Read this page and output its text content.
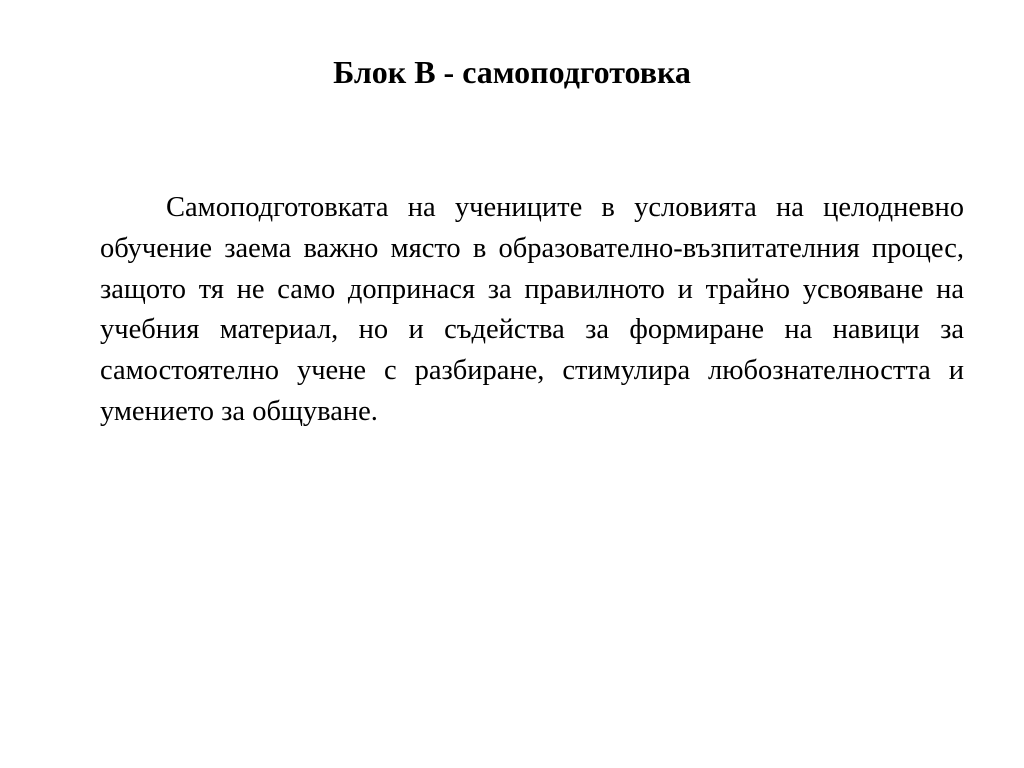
Блок В - самоподготовка

Самоподготовката на учениците в условията на целодневно обучение заема важно място в образователно-възпитателния процес, защото тя не само допринася за правилното и трайно усвояване на учебния материал, но и съдейства за формиране на навици за самостоятелно учене с разбиране, стимулира любознателността и умението за общуване.
